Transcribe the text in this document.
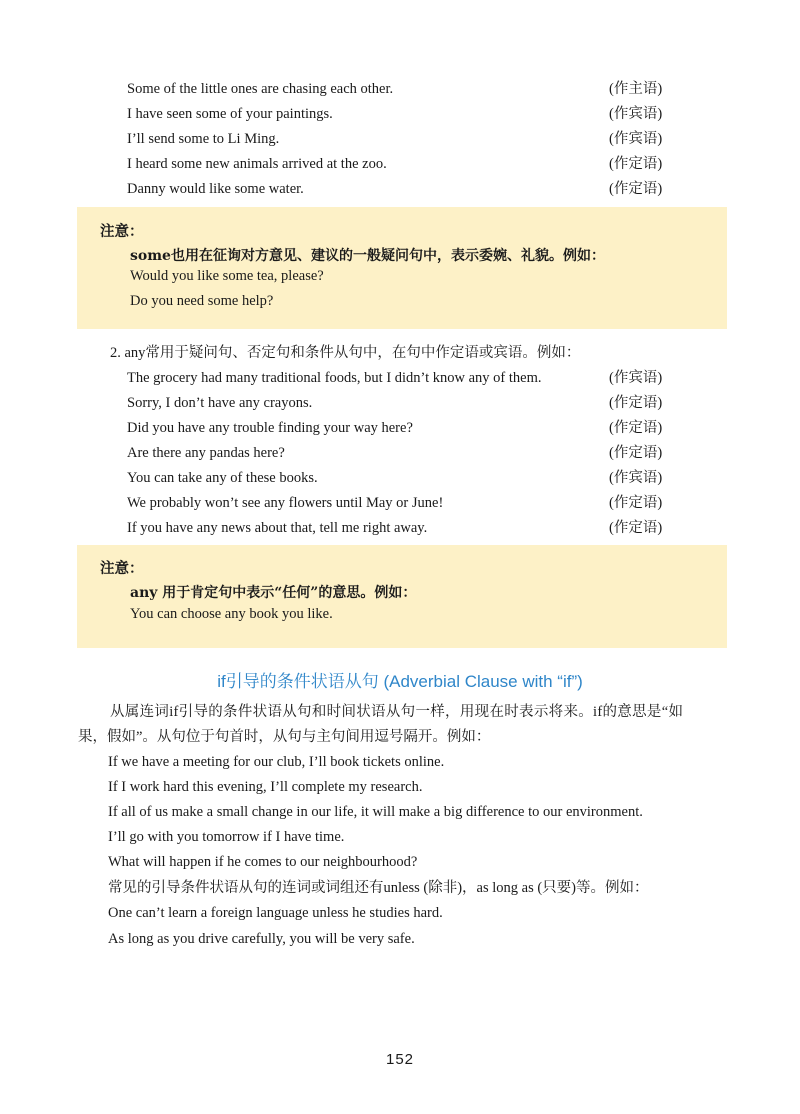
Some of the little ones are chasing each other.	(作主语)
I have seen some of your paintings.	(作宾语)
I’ll send some to Li Ming.	(作宾语)
I heard some new animals arrived at the zoo.	(作定语)
Danny would like some water.	(作定语)
注意：
some也用在征询对方意见、建议的一般疑问句中，表示委婉、礼貌。例如：
Would you like some tea, please?
Do you need some help?
2. any常用于疑问句、否定句和条件从句中，在句中作定语或宾语。例如：
The grocery had many traditional foods, but I didn’t know any of them.	(作宾语)
Sorry, I don’t have any crayons.	(作定语)
Did you have any trouble finding your way here?	(作定语)
Are there any pandas here?	(作定语)
You can take any of these books.	(作宾语)
We probably won’t see any flowers until May or June!	(作定语)
If you have any news about that, tell me right away.	(作定语)
注意：
any 用于肯定句中表示“任何”的意思。例如：
You can choose any book you like.
if引导的条件状语从句 (Adverbial Clause with “if”)
从属连词if引导的条件状语从句和时间状语从句一样，用现在时表示将来。if的意思是“如
果，假如”。从句位于句首时，从句与主句间用逗号隔开。例如：
If we have a meeting for our club, I’ll book tickets online.
If I work hard this evening, I’ll complete my research.
If all of us make a small change in our life, it will make a big difference to our environment.
I’ll go with you tomorrow if I have time.
What will happen if he comes to our neighbourhood?
常见的引导条件状语从句的连词或词组还有unless (除非)，as long as (只要)等。例如：
One can’t learn a foreign language unless he studies hard.
As long as you drive carefully, you will be very safe.
152
